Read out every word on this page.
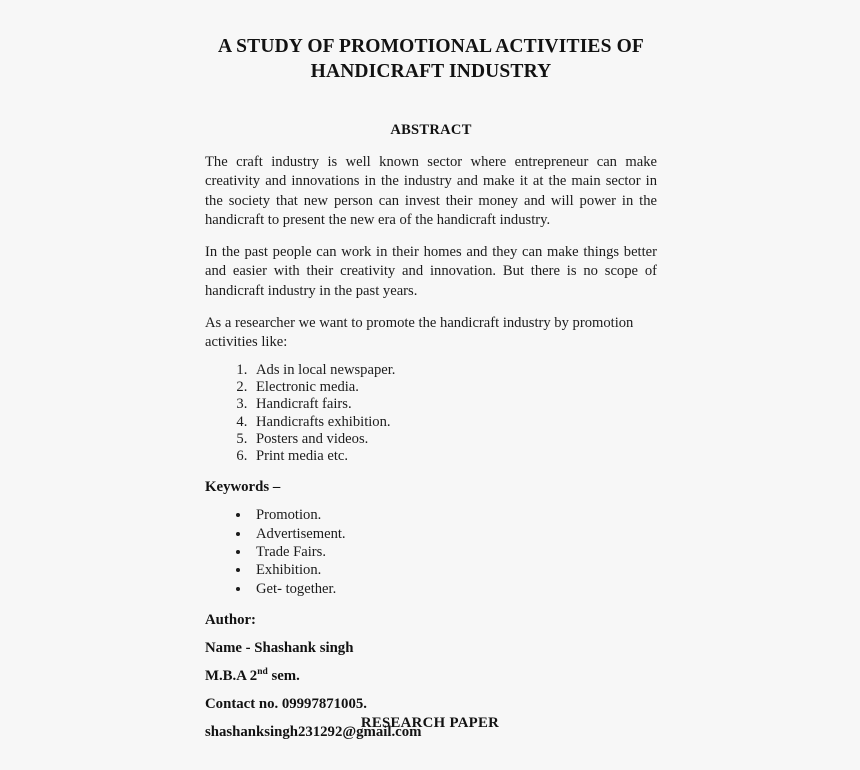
A STUDY OF PROMOTIONAL ACTIVITIES OF
HANDICRAFT INDUSTRY
ABSTRACT

The craft industry is well known sector where entrepreneur can make creativity and innovations in the industry and make it at the main sector in the society that new person can invest their money and will power in the handicraft to present the new era of the handicraft industry.

In the past people can work in their homes and they can make things better and easier with their creativity and innovation. But there is no scope of handicraft industry in the past years.

As a researcher we want to promote the handicraft industry by promotion activities like:

1. Ads in local newspaper.
2. Electronic media.
3. Handicraft fairs.
4. Handicrafts exhibition.
5. Posters and videos.
6. Print media etc.
Keywords –
• Promotion.
• Advertisement.
• Trade Fairs.
• Exhibition.
• Get- together.

Author:

Name - Shashank singh

M.B.A 2nd sem.

Contact no. 09997871005.

shashanksingh231292@gmail.com

RESEARCH PAPER
